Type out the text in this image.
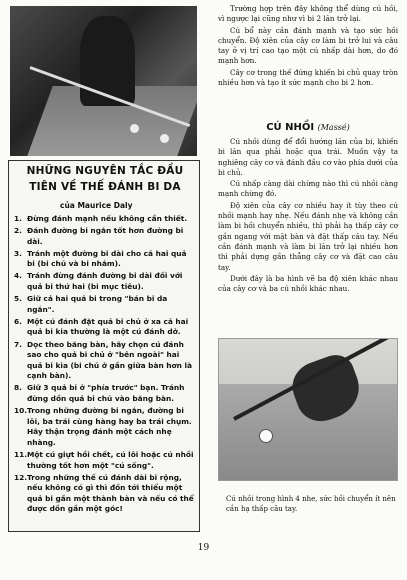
NHỮNG NGUYÊN TẮC ĐẦU
TIÊN VỀ THẾ ĐÁNH BI DA
của Maurice Daly
1. Đừng đánh mạnh nếu không cần thiết.
2. Đánh đường bi ngắn tốt hơn đường bi dài.
3. Tránh một đường bi dài cho cả hai quả bi (bi chủ và bi nhắm).
4. Tránh đừng đánh đường bi dài đối với quả bi thứ hai (bi mục tiêu).
5. Giữ cả hai quả bi trong "bán bi da ngắn".
6. Một cú đánh đặt quả bi chủ ở xa cả hai quả bi kia thường là một cú đánh dở.
7. Dọc theo băng bàn, hãy chọn cú đánh sao cho quả bi chủ ở "bên ngoài" hai quả bi kia (bi chủ ở gần giữa bàn hơn là cạnh bàn).
8. Giữ 3 quả bi ở "phía trước" bạn. Tránh đừng dồn quả bi chủ vào băng bàn.
10. Trong những đường bi ngắn, đường bi lôi, ba trái cùng hàng hay ba trái chụm. Hãy thận trọng đánh một cách nhẹ nhàng.
11. Một cú giựt hồi chết, cú lôi hoặc cú nhồi thường tốt hơn một "cú sống".
12. Trong những thế cú đánh dài bi rộng, nếu không có gì thì đồn tới thiểu một quả bi gần một thành bàn và nếu có thể được dồn gần một góc!

Trường hợp trên đây không thể dùng cú hồi, vì ngược lại cũng như vì bi 2 lăn trở lại.

Cú bổ này cần đánh mạnh và tạo sức hồi chuyển. Độ xiên của cây cơ làm bi trở lui và câu tay ở vị trí cao tạo một cú nhấp dài hơn, do đó mạnh hơn.

Cây cơ trong thế đứng khiến bi chủ quay tròn nhiều hơn và tạo ít sức mạnh cho bi 2 hơn.

CÚ NHỒI (Massé)

Cú nhồi dùng để đổi hướng lăn của bi, khiến bi lăn qua phải hoặc qua trái. Muốn vậy ta nghiêng cây cơ và đánh đầu cơ vào phía dưới của bi chủ.

Cú nhấp càng dài chừng nào thì cú nhồi càng mạnh chừng đó.

Độ xiên của cây cơ nhiều hay ít tùy theo cú nhồi mạnh hay nhẹ. Nếu đánh nhẹ và không cần làm bi hồi chuyển nhiều, thì phải hạ thấp cây cơ gần ngang với mặt bàn và đặt thấp câu tay. Nếu cần đánh mạnh và làm bi lăn trở lại nhiều hơn thì phải dựng gần thẳng cây cơ và đặt cao câu tay.

Dưới đây là ba hình vẽ ba độ xiên khác nhau của cây cơ và ba cú nhồi khác nhau.

Cú nhồi trong hình 4 nhe, sức hồi chuyển ít nên cần hạ thấp câu tay.
19
